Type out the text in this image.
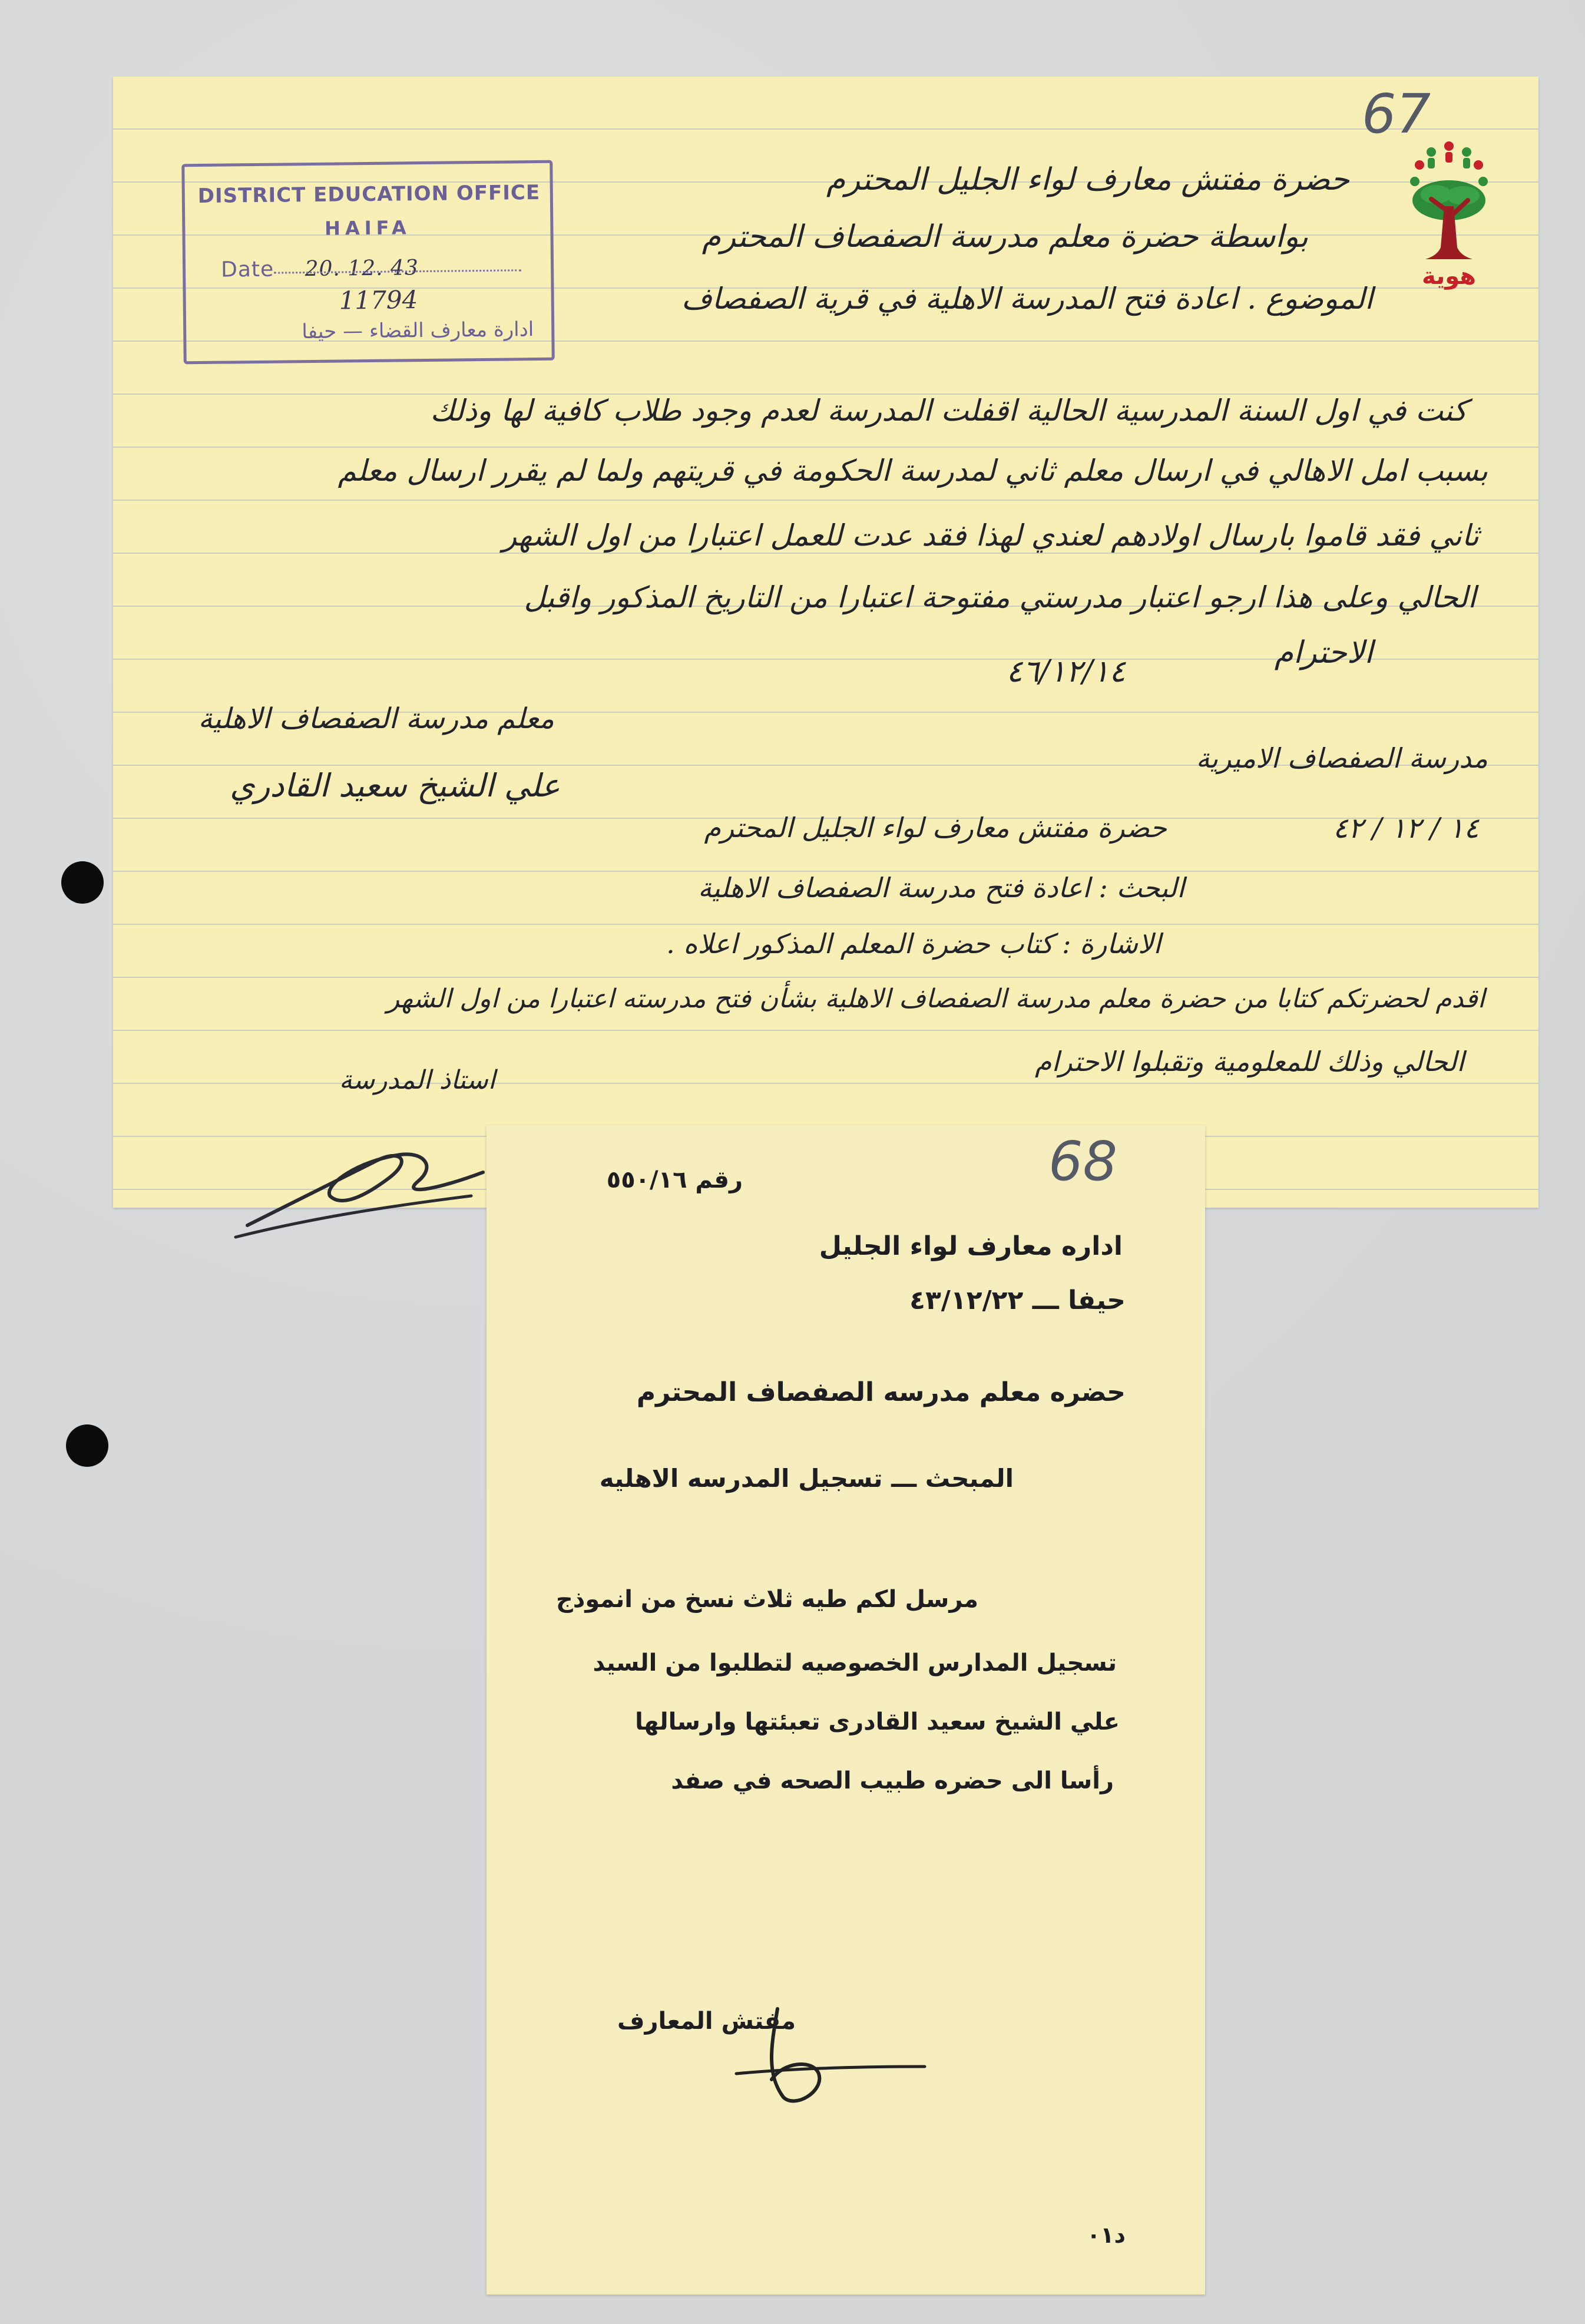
67
DISTRICT EDUCATION OFFICE
HAIFA
Date 20. 12. 43
11794
ادارة معارف القضاء — حيفا
هوية
حضرة مفتش معارف لواء الجليل المحترم
بواسطة حضرة معلم مدرسة الصفصاف المحترم
الموضوع . اعادة فتح المدرسة الاهلية في قرية الصفصاف
كنت في اول السنة المدرسية الحالية اقفلت المدرسة لعدم وجود طلاب كافية لها وذلك
بسبب امل الاهالي في ارسال معلم ثاني لمدرسة الحكومة في قريتهم ولما لم يقرر ارسال معلم
ثاني فقد قاموا بارسال اولادهم لعندي لهذا فقد عدت للعمل اعتبارا من اول الشهر
الحالي وعلى هذا ارجو اعتبار مدرستي مفتوحة اعتبارا من التاريخ المذكور واقبل
الاحترام
٤٦/١٢/١٤
معلم مدرسة الصفصاف الاهلية
علي الشيخ سعيد القادري
مدرسة الصفصاف الاميرية
١٤ / ١٢ / ٤٢
حضرة مفتش معارف لواء الجليل المحترم
البحث : اعادة فتح مدرسة الصفصاف الاهلية
الاشارة : كتاب حضرة المعلم المذكور اعلاه .
اقدم لحضرتكم كتابا من حضرة معلم مدرسة الصفصاف الاهلية بشأن فتح مدرسته اعتبارا من اول الشهر
الحالي وذلك للمعلومية وتقبلوا الاحترام
استاذ المدرسة
68
رقم ٥٥٠/١٦
اداره معارف لواء الجليل
حيفا ـــ ٤٣/١٢/٢٢
حضره معلم مدرسه الصفصاف المحترم
المبحث ـــ تسجيل المدرسه الاهليه
مرسل لكم طيه ثلاث نسخ من انموذج
تسجيل المدارس الخصوصيه لتطلبوا من السيد
علي الشيخ سعيد القادرى تعبئتها وارسالها
رأسا الى حضره طبيب الصحه في صفد
مفتش المعارف
د٠١
